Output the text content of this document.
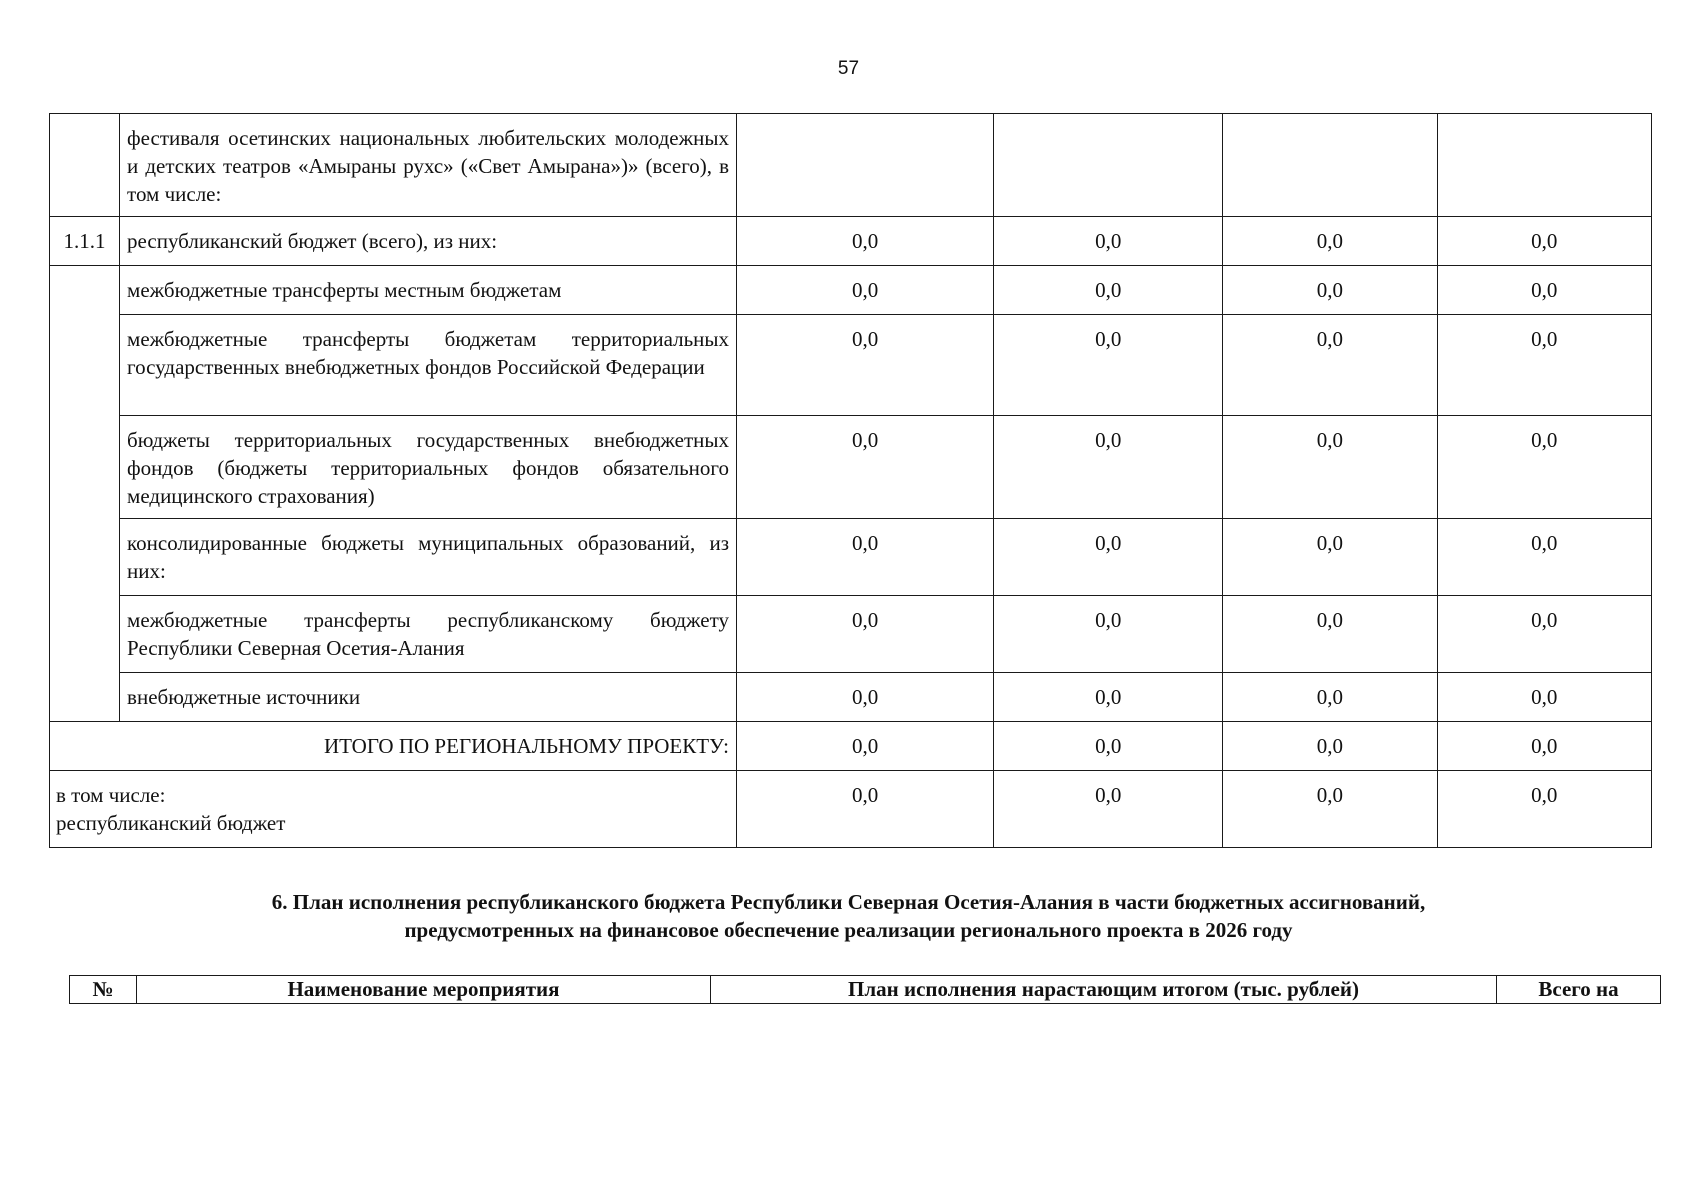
57
	фестиваля осетинских национальных любительских молодежных и детских театров «Амыраны рухс» («Свет Амырана»)» (всего), в том числе:				
1.1.1	республиканский бюджет (всего), из них:	0,0	0,0	0,0	0,0
	межбюджетные трансферты местным бюджетам	0,0	0,0	0,0	0,0
	межбюджетные трансферты бюджетам территориальных государственных внебюджетных фондов Российской Федерации	0,0	0,0	0,0	0,0
	бюджеты территориальных государственных внебюджетных фондов (бюджеты территориальных фондов обязательного медицинского страхования)	0,0	0,0	0,0	0,0
	консолидированные бюджеты муниципальных образований, из них:	0,0	0,0	0,0	0,0
	межбюджетные трансферты республиканскому бюджету Республики Северная Осетия-Алания	0,0	0,0	0,0	0,0
	внебюджетные источники	0,0	0,0	0,0	0,0
ИТОГО ПО РЕГИОНАЛЬНОМУ ПРОЕКТУ:		0,0	0,0	0,0	0,0

в том числе:
республиканский бюджет		0,0	0,0	0,0	0,0
6. План исполнения республиканского бюджета Республики Северная Осетия-Алания в части бюджетных ассигнований,
предусмотренных на финансовое обеспечение реализации регионального проекта в 2026 году
№	Наименование мероприятия	План исполнения нарастающим итогом (тыс. рублей)	Всего на
